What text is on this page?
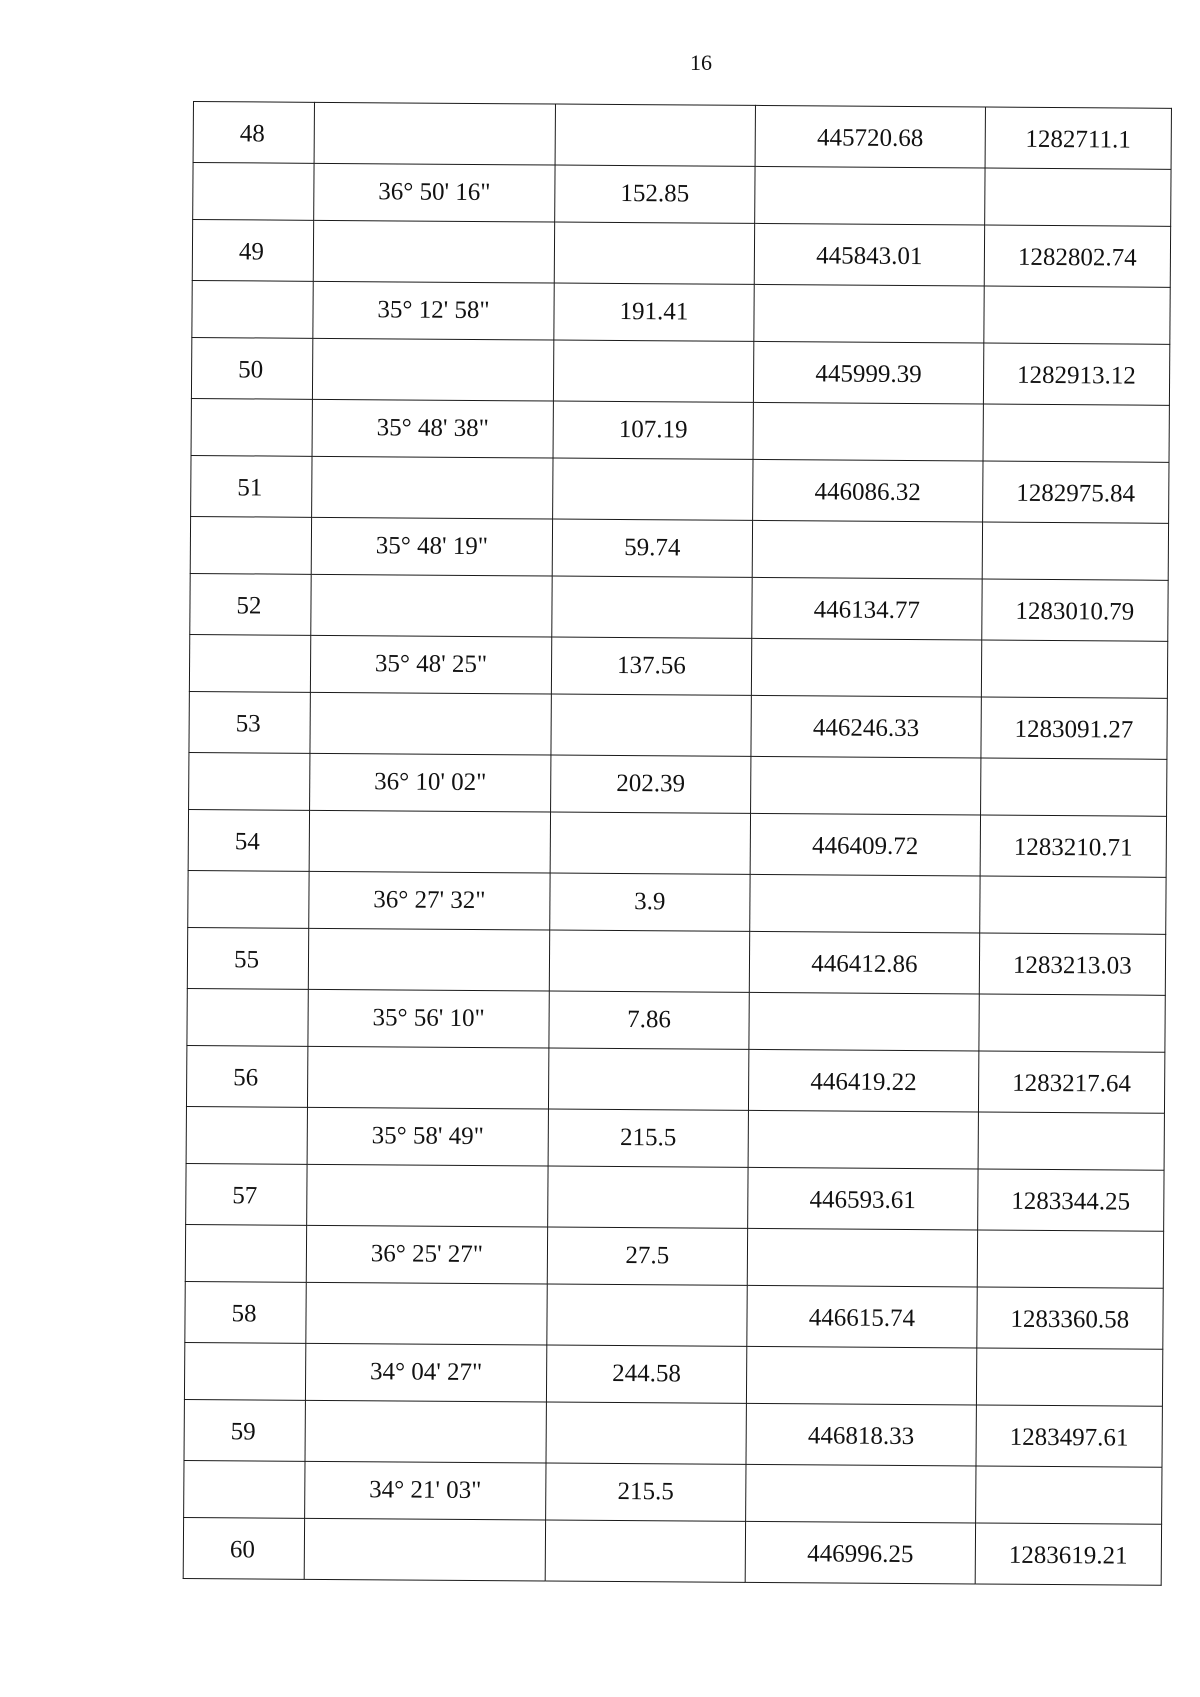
16
48			445720.68	1282711.1
	36° 50' 16"	152.85		
49			445843.01	1282802.74
	35° 12' 58"	191.41		
50			445999.39	1282913.12
	35° 48' 38"	107.19		
51			446086.32	1282975.84
	35° 48' 19"	59.74		
52			446134.77	1283010.79
	35° 48' 25"	137.56		
53			446246.33	1283091.27
	36° 10' 02"	202.39		
54			446409.72	1283210.71
	36° 27' 32"	3.9		
55			446412.86	1283213.03
	35° 56' 10"	7.86		
56			446419.22	1283217.64
	35° 58' 49"	215.5		
57			446593.61	1283344.25
	36° 25' 27"	27.5		
58			446615.74	1283360.58
	34° 04' 27"	244.58		
59			446818.33	1283497.61
	34° 21' 03"	215.5		
60			446996.25	1283619.21
